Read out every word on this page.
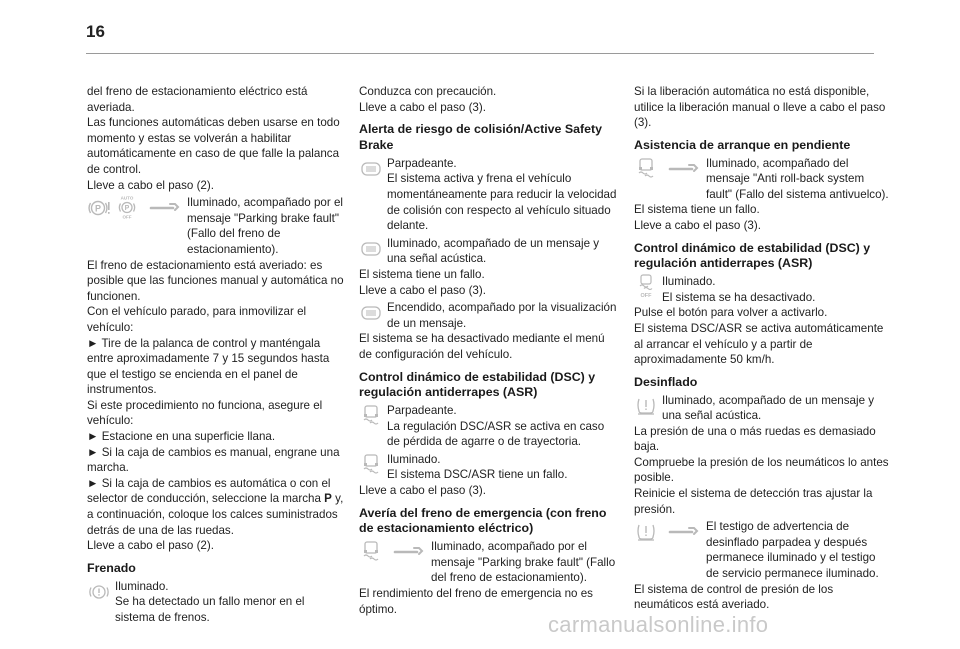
16

del freno de estacionamiento eléctrico está averiada.

Las funciones automáticas deben usarse en todo momento y estas se volverán a habilitar automáticamente en caso de que falle la palanca de control.

Lleve a cabo el paso (2).

P
AUTO
P
OFF
Iluminado, acompañado por el mensaje "Parking brake fault" (Fallo del freno de estacionamiento).

El freno de estacionamiento está averiado: es posible que las funciones manual y automática no funcionen.

Con el vehículo parado, para inmovilizar el vehículo:

► Tire de la palanca de control y manténgala entre aproximadamente 7 y 15 segundos hasta que el testigo se encienda en el panel de instrumentos.

Si este procedimiento no funciona, asegure el vehículo:

► Estacione en una superficie llana.

► Si la caja de cambios es manual, engrane una marcha.

► Si la caja de cambios es automática o con el selector de conducción, seleccione la marcha P y, a continuación, coloque los calces suministrados detrás de una de las ruedas.

Lleve a cabo el paso (2).

Frenado
Iluminado.
Se ha detectado un fallo menor en el sistema de frenos.

Conduzca con precaución.

Lleve a cabo el paso (3).

Alerta de riesgo de colisión/Active Safety Brake
Parpadeante.
El sistema activa y frena el vehículo momentáneamente para reducir la velocidad de colisión con respecto al vehículo situado delante.
Iluminado, acompañado de un mensaje y una señal acústica.

El sistema tiene un fallo.

Lleve a cabo el paso (3).

Encendido, acompañado por la visualización de un mensaje.

El sistema se ha desactivado mediante el menú de configuración del vehículo.

Control dinámico de estabilidad (DSC) y regulación antiderrapes (ASR)
Parpadeante.
La regulación DSC/ASR se activa en caso de pérdida de agarre o de trayectoria.
Iluminado.
El sistema DSC/ASR tiene un fallo.

Lleve a cabo el paso (3).

Avería del freno de emergencia (con freno de estacionamiento eléctrico)
Iluminado, acompañado por el mensaje "Parking brake fault" (Fallo del freno de estacionamiento).

El rendimiento del freno de emergencia no es óptimo.

Si la liberación automática no está disponible, utilice la liberación manual o lleve a cabo el paso (3).

Asistencia de arranque en pendiente
Iluminado, acompañado del mensaje "Anti roll-back system fault" (Fallo del sistema antivuelco).

El sistema tiene un fallo.

Lleve a cabo el paso (3).

Control dinámico de estabilidad (DSC) y regulación antiderrapes (ASR)
OFF
Iluminado.
El sistema se ha desactivado.

Pulse el botón para volver a activarlo.

El sistema DSC/ASR se activa automáticamente al arrancar el vehículo y a partir de aproximadamente 50 km/h.

Desinflado
Iluminado, acompañado de un mensaje y una señal acústica.

La presión de una o más ruedas es demasiado baja.

Compruebe la presión de los neumáticos lo antes posible.

Reinicie el sistema de detección tras ajustar la presión.

El testigo de advertencia de desinflado parpadea y después permanece iluminado y el testigo de servicio permanece iluminado.

El sistema de control de presión de los neumáticos está averiado.

carmanualsonline.info
